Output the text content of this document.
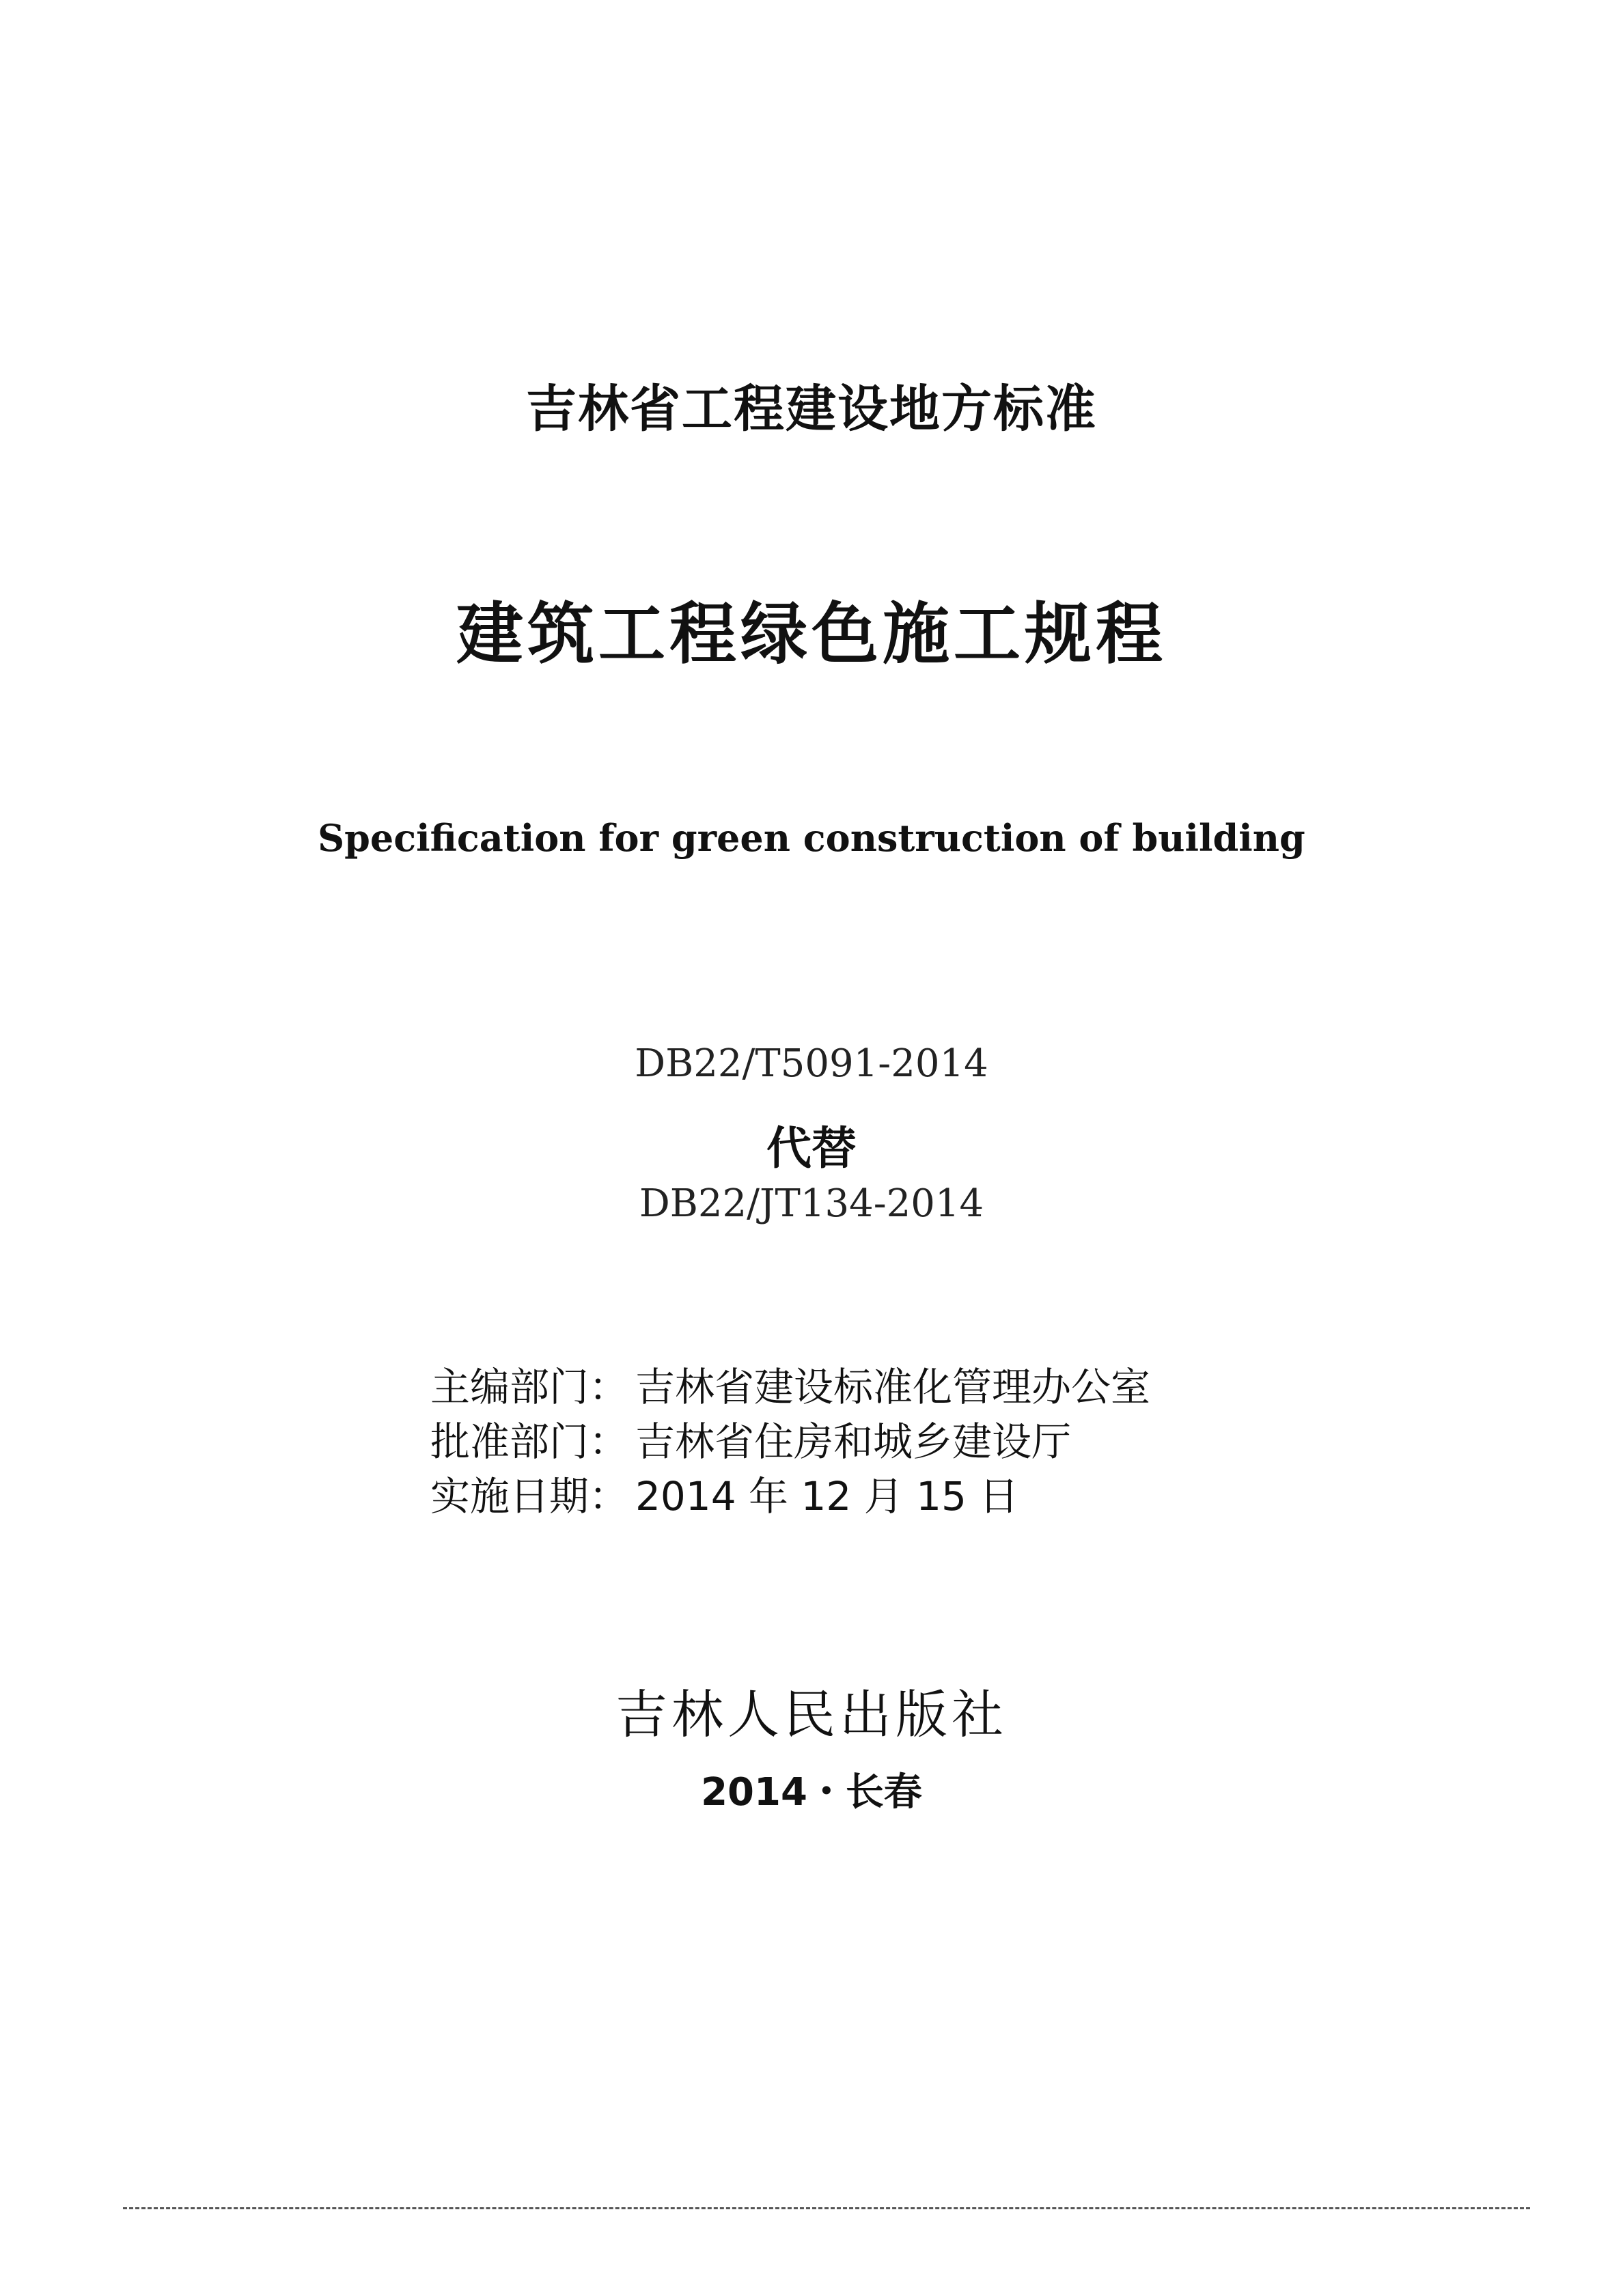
吉林省工程建设地方标准
建筑工程绿色施工规程
Specification for green construction of building
DB22/T5091-2014
代替
DB22/JT134-2014
主编部门： 吉林省建设标准化管理办公室
批准部门： 吉林省住房和城乡建设厅
实施日期： 2014 年 12 月 15 日
吉林人民出版社
2014・长春
